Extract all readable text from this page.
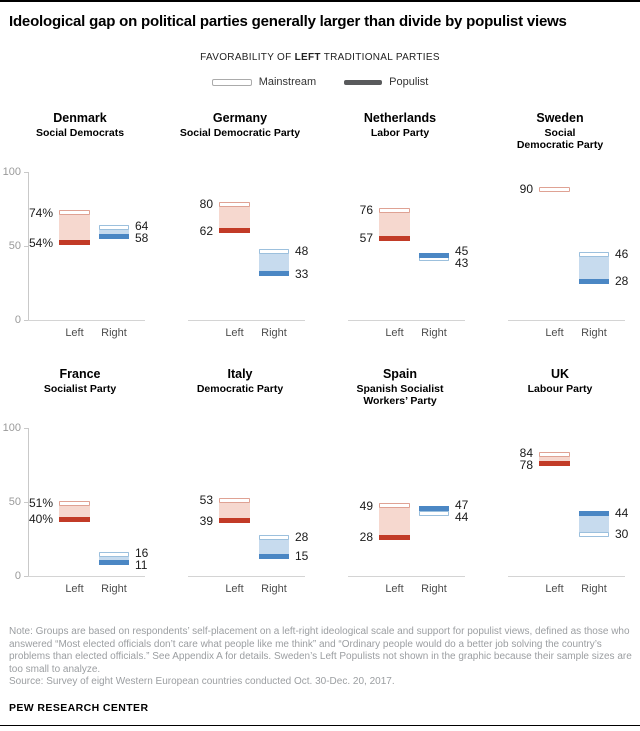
Ideological gap on political parties generally larger than divide by populist views
FAVORABILITY OF LEFT TRADITIONAL PARTIES
Mainstream	Populist
Denmark
Social Democrats
100
50
0
74%
54%
Left
64
58
Right
Germany
Social Democratic Party
80
62
Left
48
33
Right
Netherlands
Labor Party
76
57
Left
45
43
Right
Sweden
Social
Democratic Party
90
Left
46
28
Right
France
Socialist Party
100
50
0
51%
40%
Left
16
11
Right
Italy
Democratic Party
53
39
Left
28
15
Right
Spain
Spanish Socialist
Workers’ Party
49
28
Left
47
44
Right
UK
Labour Party
84
78
Left
44
30
Right
Note: Groups are based on respondents’ self-placement on a left-right ideological scale and support for populist views, defined as those who answered “Most elected officials don’t care what people like me think” and “Ordinary people would do a better job solving the country’s problems than elected officials.” See Appendix A for details. Sweden’s Left Populists not shown in the graphic because their sample sizes are too small to analyze.
Source: Survey of eight Western European countries conducted Oct. 30-Dec. 20, 2017.
PEW RESEARCH CENTER
